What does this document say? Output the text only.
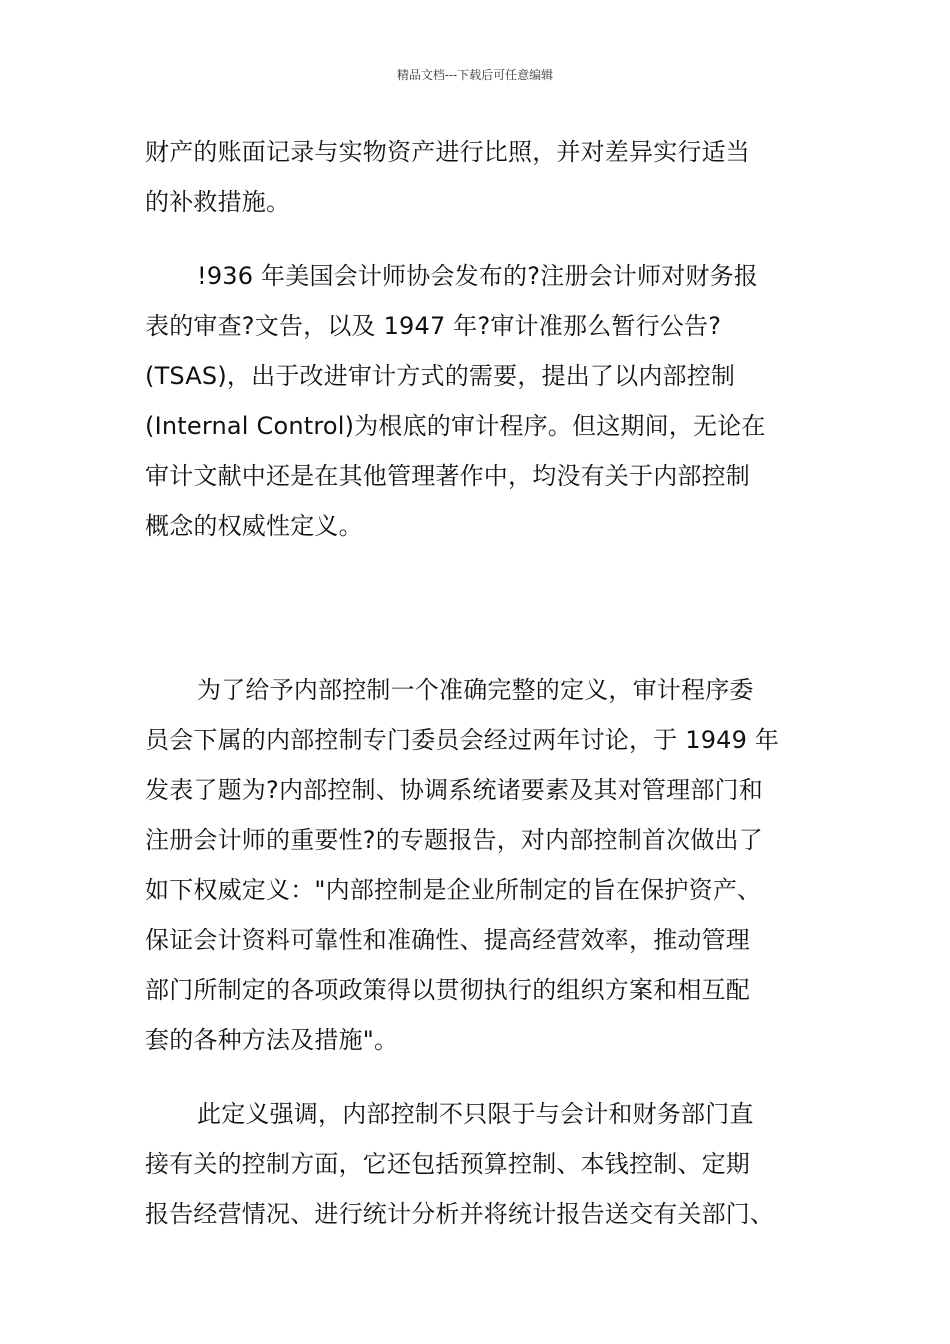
精品文档---下载后可任意编辑

财产的账面记录与实物资产进行比照，并对差异实行适当
的补救措施。

!936 年美国会计师协会发布的?注册会计师对财务报
表的审查?文告，以及 1947 年?审计准那么暂行公告?
(TSAS)，出于改进审计方式的需要，提出了以内部控制
(Internal Control)为根底的审计程序。但这期间，无论在
审计文献中还是在其他管理著作中，均没有关于内部控制
概念的权威性定义。

为了给予内部控制一个准确完整的定义，审计程序委
员会下属的内部控制专门委员会经过两年讨论，于 1949 年
发表了题为?内部控制、协调系统诸要素及其对管理部门和
注册会计师的重要性?的专题报告，对内部控制首次做出了
如下权威定义："内部控制是企业所制定的旨在保护资产、
保证会计资料可靠性和准确性、提高经营效率，推动管理
部门所制定的各项政策得以贯彻执行的组织方案和相互配
套的各种方法及措施"。

此定义强调，内部控制不只限于与会计和财务部门直
接有关的控制方面，它还包括预算控制、本钱控制、定期
报告经营情况、进行统计分析并将统计报告送交有关部门、
